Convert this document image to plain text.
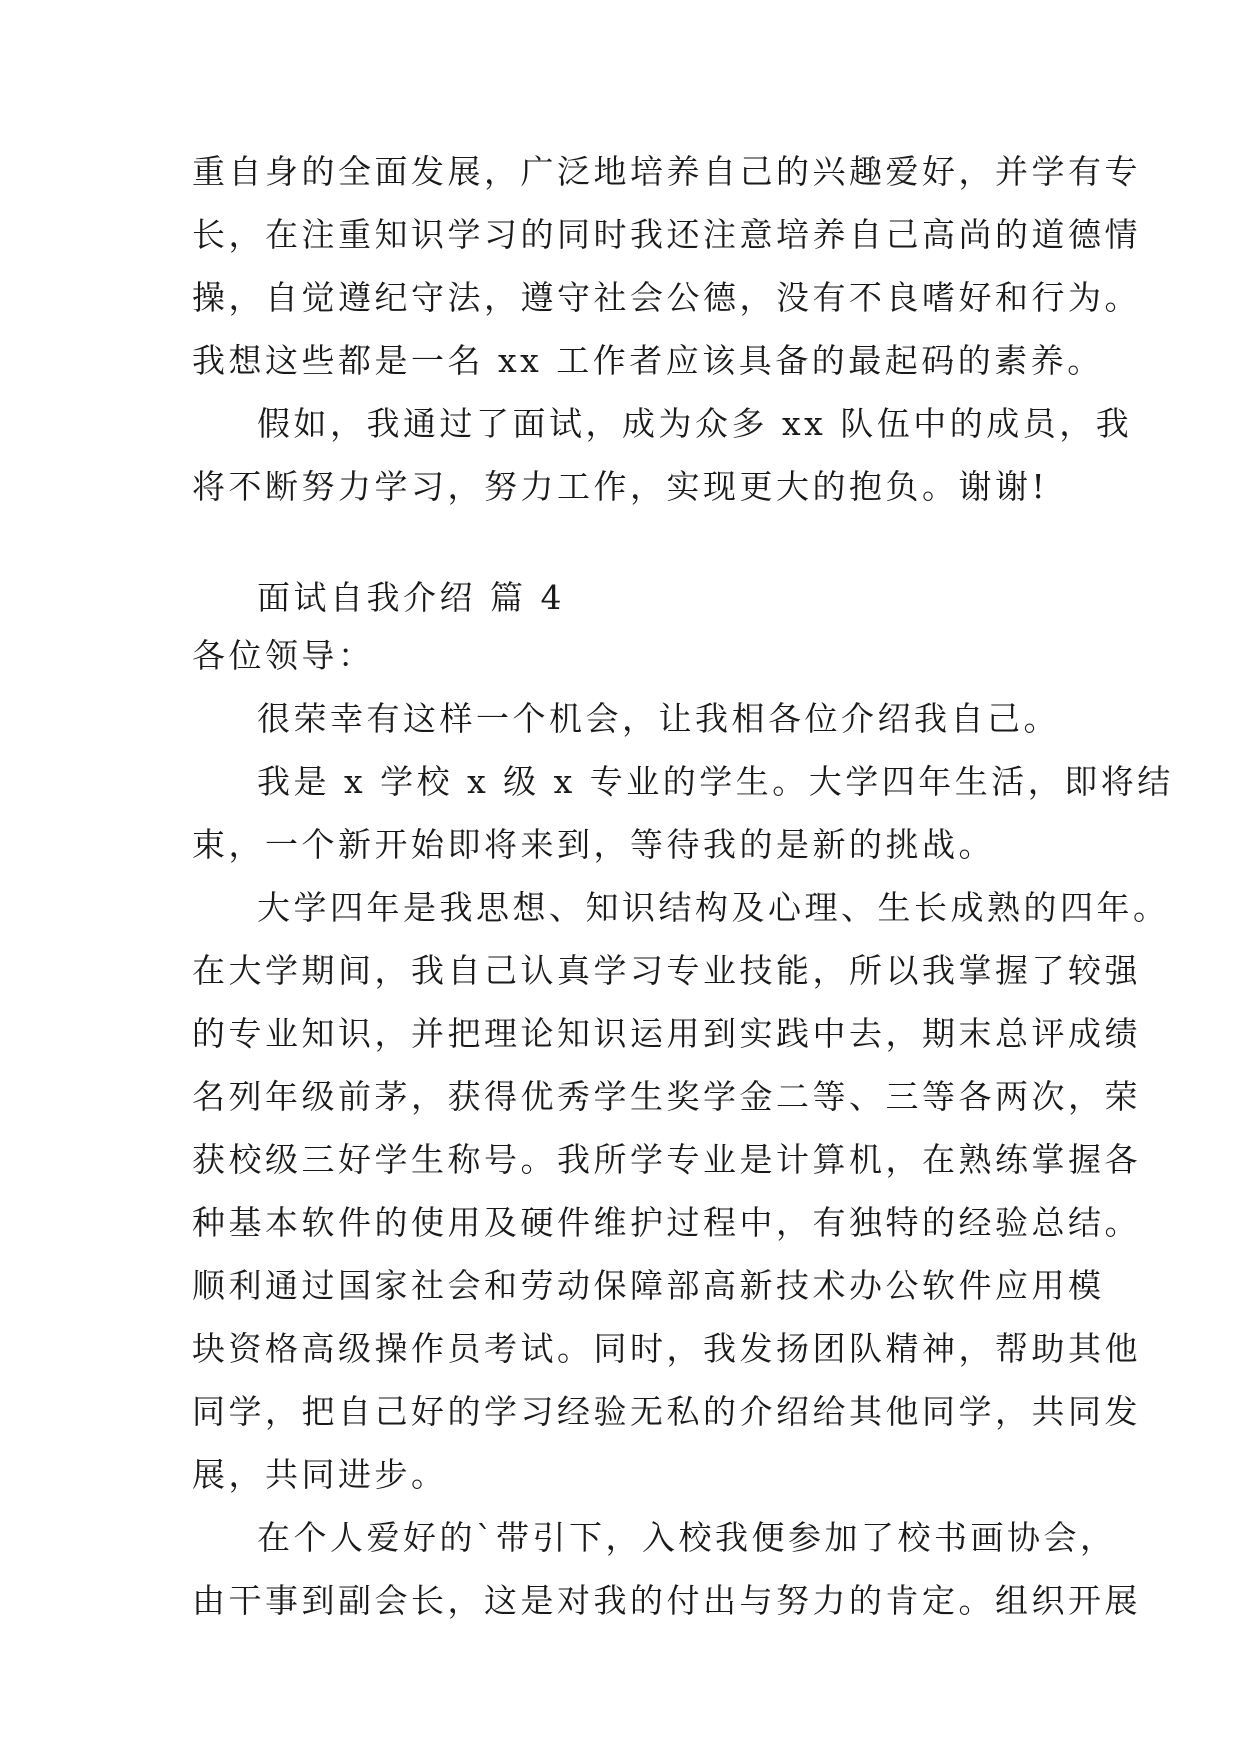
重自身的全面发展，广泛地培养自己的兴趣爱好，并学有专
长，在注重知识学习的同时我还注意培养自己高尚的道德情
操，自觉遵纪守法，遵守社会公德，没有不良嗜好和行为。
我想这些都是一名 xx 工作者应该具备的最起码的素养。
假如，我通过了面试，成为众多 xx 队伍中的成员，我
将不断努力学习，努力工作，实现更大的抱负。谢谢!
面试自我介绍 篇 4
各位领导：
很荣幸有这样一个机会，让我相各位介绍我自己。
我是 x 学校 x 级 x 专业的学生。大学四年生活，即将结
束，一个新开始即将来到，等待我的是新的挑战。
大学四年是我思想、知识结构及心理、生长成熟的四年。
在大学期间，我自己认真学习专业技能，所以我掌握了较强
的专业知识，并把理论知识运用到实践中去，期末总评成绩
名列年级前茅，获得优秀学生奖学金二等、三等各两次，荣
获校级三好学生称号。我所学专业是计算机，在熟练掌握各
种基本软件的使用及硬件维护过程中，有独特的经验总结。
顺利通过国家社会和劳动保障部高新技术办公软件应用模
块资格高级操作员考试。同时，我发扬团队精神，帮助其他
同学，把自己好的学习经验无私的介绍给其他同学，共同发
展，共同进步。
在个人爱好的`带引下，入校我便参加了校书画协会，
由干事到副会长，这是对我的付出与努力的肯定。组织开展
